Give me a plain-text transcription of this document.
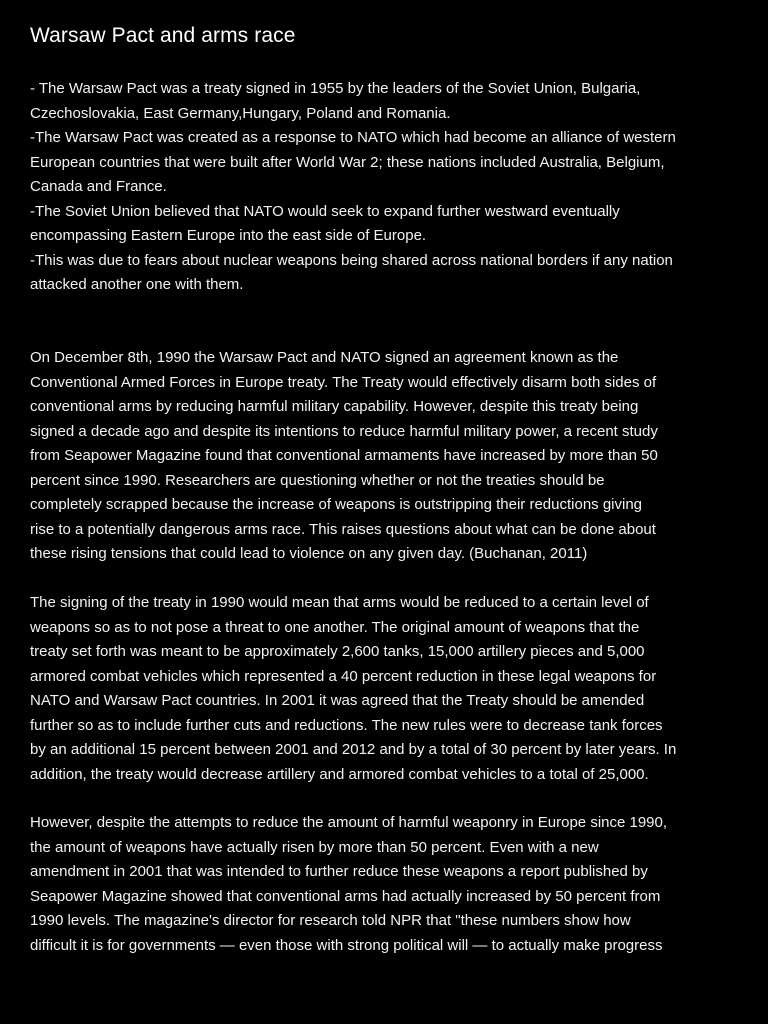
Warsaw Pact and arms race
- The Warsaw Pact was a treaty signed in 1955 by the leaders of the Soviet Union, Bulgaria,
Czechoslovakia, East Germany,Hungary, Poland and Romania.
-The Warsaw Pact was created as a response to NATO which had become an alliance of western
European countries that were built after World War 2; these nations included Australia, Belgium,
Canada and France.
-The Soviet Union believed that NATO would seek to expand further westward eventually
encompassing Eastern Europe into the east side of Europe.
-This was due to fears about nuclear weapons being shared across national borders if any nation
attacked another one with them.
On December 8th, 1990 the Warsaw Pact and NATO signed an agreement known as the
Conventional Armed Forces in Europe treaty. The Treaty would effectively disarm both sides of
conventional arms by reducing harmful military capability. However, despite this treaty being
signed a decade ago and despite its intentions to reduce harmful military power, a recent study
from Seapower Magazine found that conventional armaments have increased by more than 50
percent since 1990. Researchers are questioning whether or not the treaties should be
completely scrapped because the increase of weapons is outstripping their reductions giving
rise to a potentially dangerous arms race. This raises questions about what can be done about
these rising tensions that could lead to violence on any given day. (Buchanan, 2011)
The signing of the treaty in 1990 would mean that arms would be reduced to a certain level of
weapons so as to not pose a threat to one another. The original amount of weapons that the
treaty set forth was meant to be approximately 2,600 tanks, 15,000 artillery pieces and 5,000
armored combat vehicles which represented a 40 percent reduction in these legal weapons for
NATO and Warsaw Pact countries. In 2001 it was agreed that the Treaty should be amended
further so as to include further cuts and reductions. The new rules were to decrease tank forces
by an additional 15 percent between 2001 and 2012 and by a total of 30 percent by later years. In
addition, the treaty would decrease artillery and armored combat vehicles to a total of 25,000.
However, despite the attempts to reduce the amount of harmful weaponry in Europe since 1990,
the amount of weapons have actually risen by more than 50 percent. Even with a new
amendment in 2001 that was intended to further reduce these weapons a report published by
Seapower Magazine showed that conventional arms had actually increased by 50 percent from
1990 levels. The magazine's director for research told NPR that "these numbers show how
difficult it is for governments — even those with strong political will — to actually make progress
